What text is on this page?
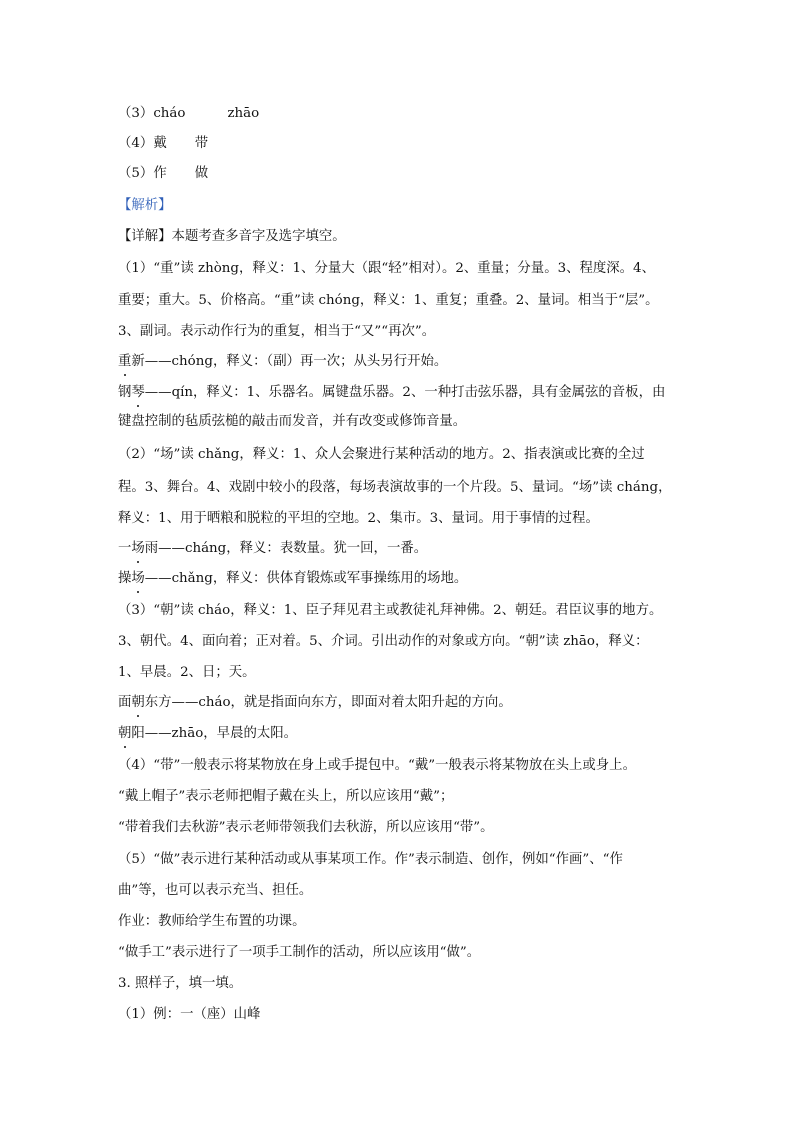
（3）cháo	zhāo
（4）戴 带
（5）作 做
【解析】
【详解】本题考查多音字及选字填空。
（1）“重”读 zhòng，释义：1、分量大（跟“轻”相对）。2、重量；分量。3、程度深。4、
重要；重大。5、价格高。“重”读 chóng，释义：1、重复；重叠。2、量词。相当于“层”。
3、副词。表示动作行为的重复，相当于“又”“再次”。
重新——chóng，释义：（副）再一次；从头另行开始。
钢琴——qín，释义：1、乐器名。属键盘乐器。2、一种打击弦乐器，具有金属弦的音板，由
键盘控制的毡质弦槌的敲击而发音，并有改变或修饰音量。
（2）“场”读 chǎng，释义：1、众人会聚进行某种活动的地方。2、指表演或比赛的全过
程。3、舞台。4、戏剧中较小的段落，每场表演故事的一个片段。5、量词。“场”读 cháng，
释义：1、用于晒粮和脱粒的平坦的空地。2、集市。3、量词。用于事情的过程。
一场雨——cháng，释义：表数量。犹一回，一番。
操场——chǎng，释义：供体育锻炼或军事操练用的场地。
（3）“朝”读 cháo，释义：1、臣子拜见君主或教徒礼拜神佛。2、朝廷。君臣议事的地方。
3、朝代。4、面向着；正对着。5、介词。引出动作的对象或方向。“朝”读 zhāo，释义：
1、早晨。2、日；天。
面朝东方——cháo，就是指面向东方，即面对着太阳升起的方向。
朝阳——zhāo，早晨的太阳。
（4）“带”一般表示将某物放在身上或手提包中。“戴”一般表示将某物放在头上或身上。
“戴上帽子”表示老师把帽子戴在头上，所以应该用“戴”；
“带着我们去秋游”表示老师带领我们去秋游，所以应该用“带”。
（5）“做”表示进行某种活动或从事某项工作。作”表示制造、创作，例如“作画”、“作
曲”等，也可以表示充当、担任。
作业：教师给学生布置的功课。
“做手工”表示进行了一项手工制作的活动，所以应该用“做”。
3. 照样子，填一填。
（1）例：一（座）山峰
